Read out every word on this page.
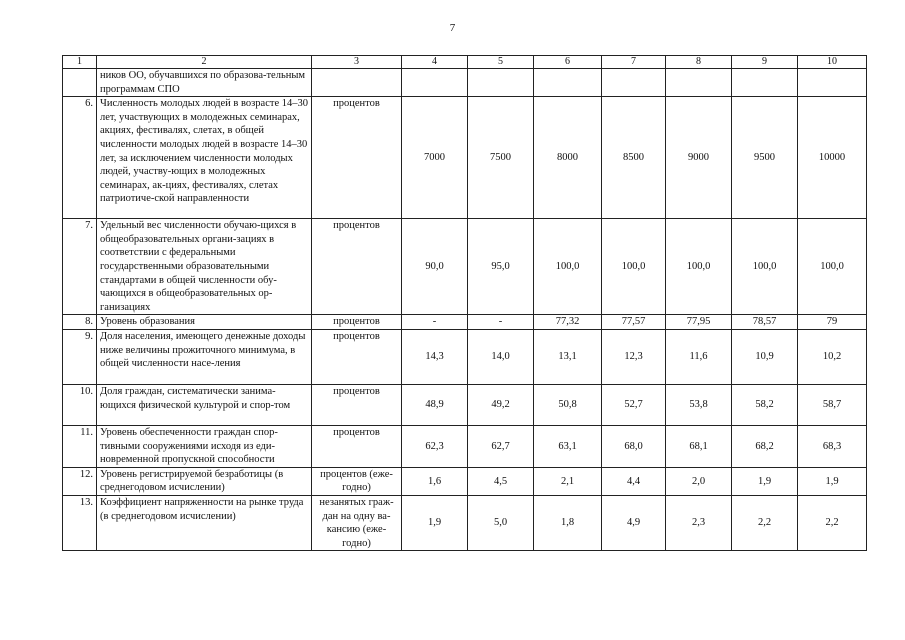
7
1	2	3	4	5	6	7	8	9	10
	ников ОО, обучавшихся по образова-тельным программам СПО								
6.	Численность молодых людей в возрасте 14–30 лет, участвующих в молодежных семинарах, акциях, фестивалях, слетах, в общей численности молодых людей в возрасте 14–30 лет, за исключением численности молодых людей, участву-ющих в молодежных семинарах, ак-циях, фестивалях, слетах патриотиче-ской направленности	процентов	7000	7500	8000	8500	9000	9500	10000
7.	Удельный вес численности обучаю-щихся в общеобразовательных органи-зациях в соответствии с федеральными государственными образовательными стандартами в общей численности обу-чающихся в общеобразовательных ор-ганизациях	процентов	90,0	95,0	100,0	100,0	100,0	100,0	100,0
8.	Уровень образования	процентов	-	-	77,32	77,57	77,95	78,57	79
9.	Доля населения, имеющего денежные доходы ниже величины прожиточного минимума, в общей численности насе-ления	процентов	14,3	14,0	13,1	12,3	11,6	10,9	10,2
10.	Доля граждан, систематически занима-ющихся физической культурой и спор-том	процентов	48,9	49,2	50,8	52,7	53,8	58,2	58,7
11.	Уровень обеспеченности граждан спор-тивными сооружениями исходя из еди-новременной пропускной способности	процентов	62,3	62,7	63,1	68,0	68,1	68,2	68,3
12.	Уровень регистрируемой безработицы (в среднегодовом исчислении)	процентов (еже-годно)	1,6	4,5	2,1	4,4	2,0	1,9	1,9
13.	Коэффициент напряженности на рынке труда (в среднегодовом исчислении)	незанятых граж-дан на одну ва-кансию (еже-годно)	1,9	5,0	1,8	4,9	2,3	2,2	2,2
